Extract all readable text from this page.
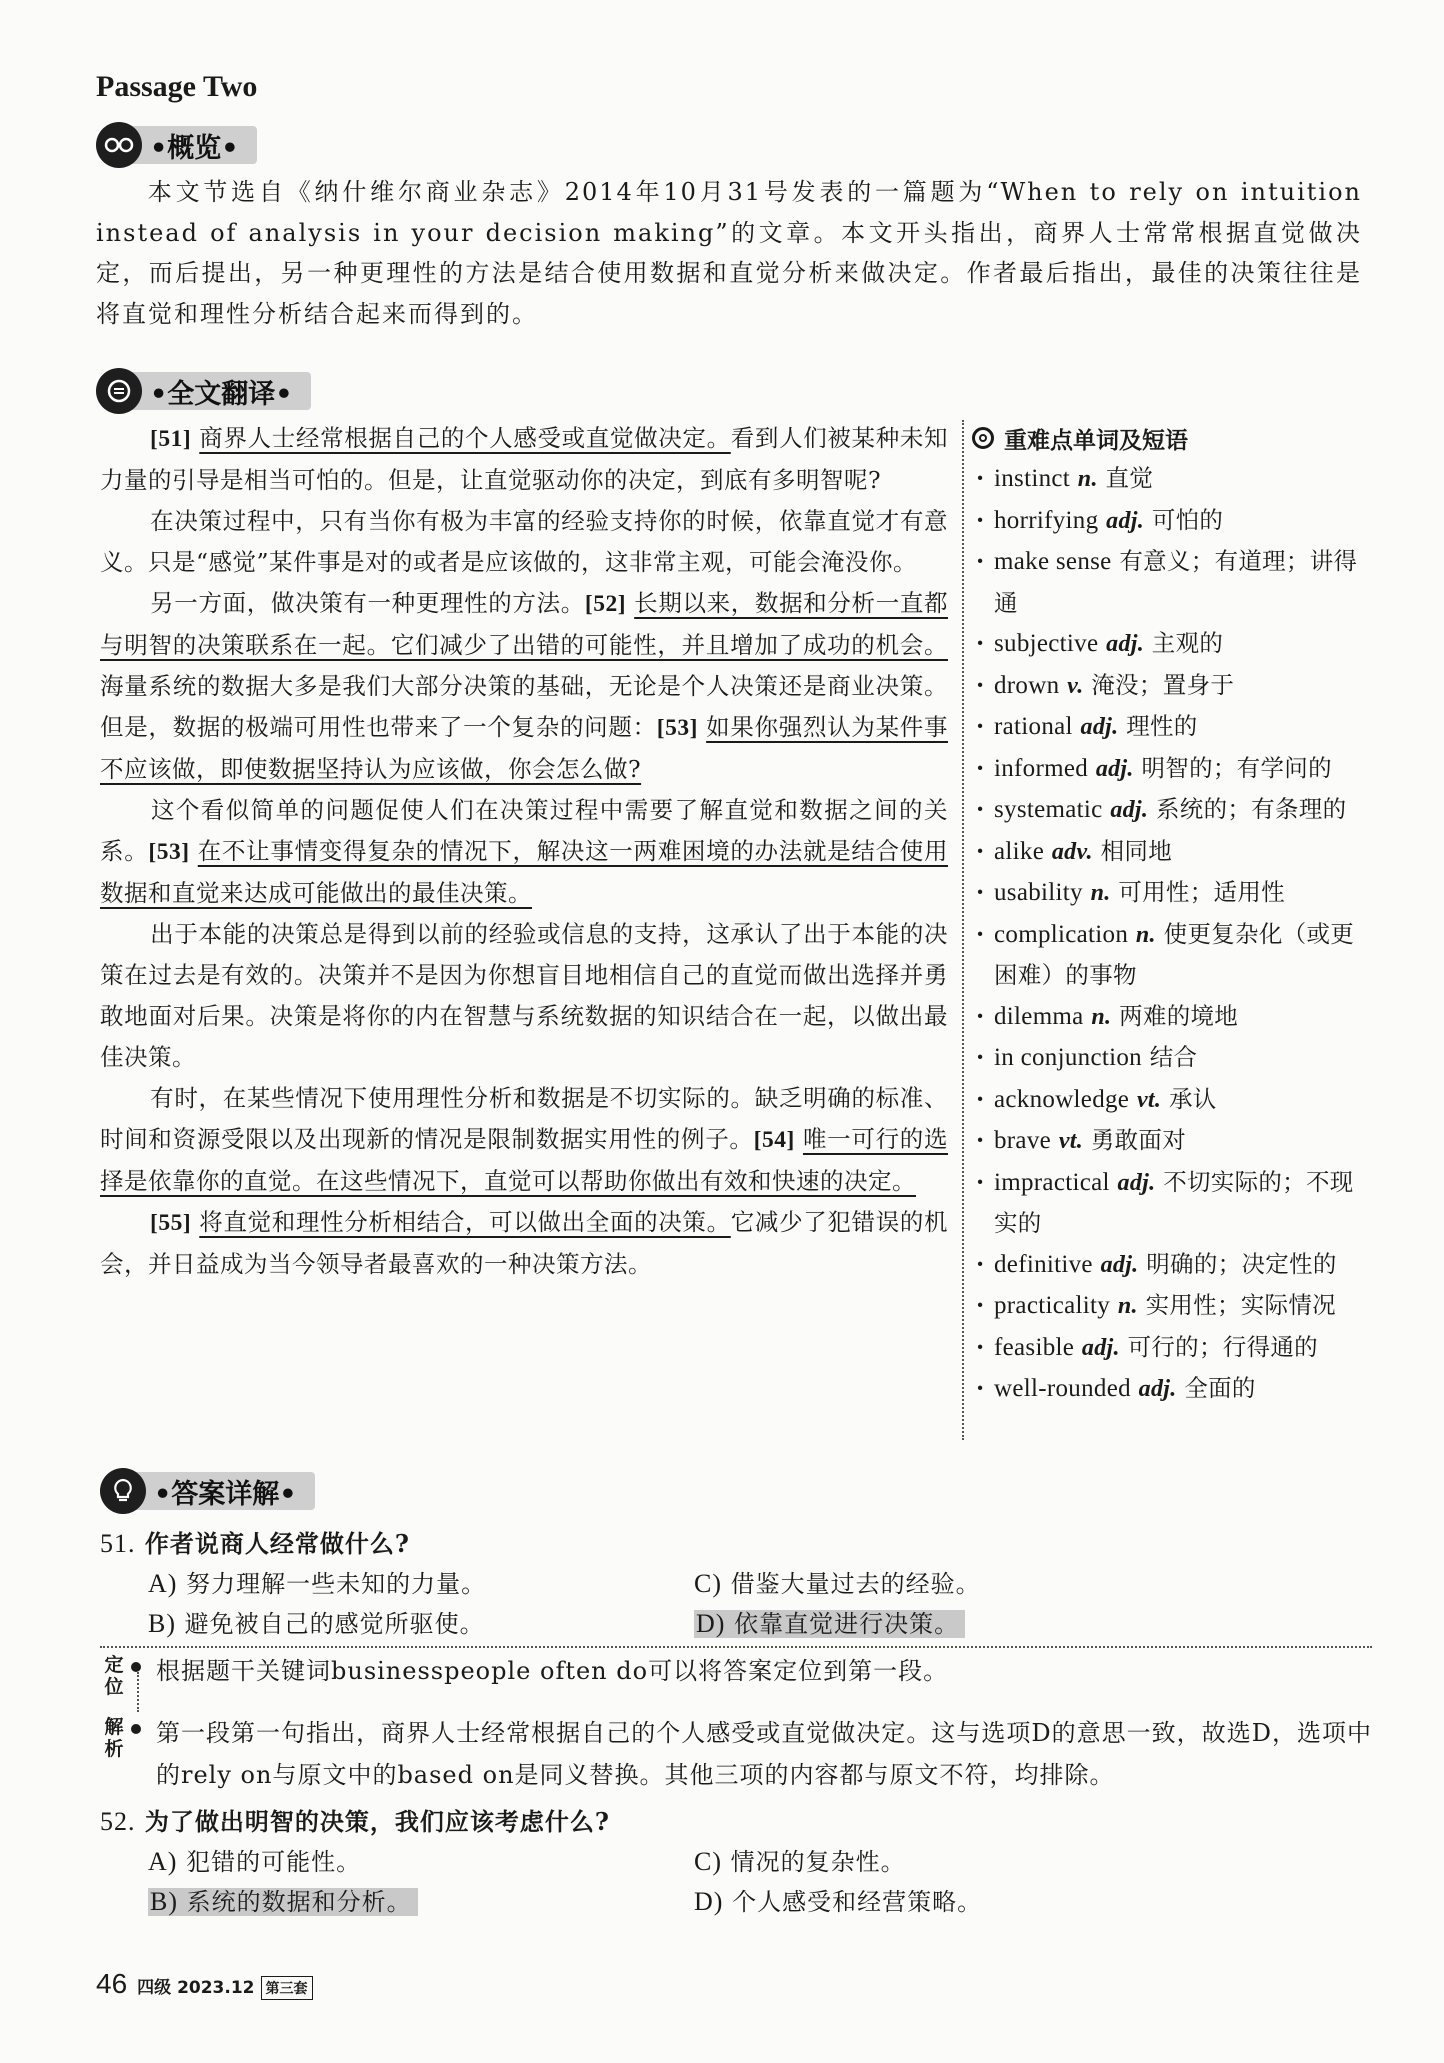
Passage Two
•概览•
本文节选自《纳什维尔商业杂志》2014年10月31号发表的一篇题为“When to rely on intuition instead of analysis in your decision making”的文章。本文开头指出，商界人士常常根据直觉做决定，而后提出，另一种更理性的方法是结合使用数据和直觉分析来做决定。作者最后指出，最佳的决策往往是将直觉和理性分析结合起来而得到的。
•全文翻译•

[51] 商界人士经常根据自己的个人感受或直觉做决定。看到人们被某种未知力量的引导是相当可怕的。但是，让直觉驱动你的决定，到底有多明智呢?

在决策过程中，只有当你有极为丰富的经验支持你的时候，依靠直觉才有意义。只是“感觉”某件事是对的或者是应该做的，这非常主观，可能会淹没你。

另一方面，做决策有一种更理性的方法。[52] 长期以来，数据和分析一直都与明智的决策联系在一起。它们减少了出错的可能性，并且增加了成功的机会。海量系统的数据大多是我们大部分决策的基础，无论是个人决策还是商业决策。但是，数据的极端可用性也带来了一个复杂的问题：[53] 如果你强烈认为某件事不应该做，即使数据坚持认为应该做，你会怎么做?

这个看似简单的问题促使人们在决策过程中需要了解直觉和数据之间的关系。[53] 在不让事情变得复杂的情况下，解决这一两难困境的办法就是结合使用数据和直觉来达成可能做出的最佳决策。

出于本能的决策总是得到以前的经验或信息的支持，这承认了出于本能的决策在过去是有效的。决策并不是因为你想盲目地相信自己的直觉而做出选择并勇敢地面对后果。决策是将你的内在智慧与系统数据的知识结合在一起，以做出最佳决策。

有时，在某些情况下使用理性分析和数据是不切实际的。缺乏明确的标准、时间和资源受限以及出现新的情况是限制数据实用性的例子。[54] 唯一可行的选择是依靠你的直觉。在这些情况下，直觉可以帮助你做出有效和快速的决定。

[55] 将直觉和理性分析相结合，可以做出全面的决策。它减少了犯错误的机会，并日益成为当今领导者最喜欢的一种决策方法。

重难点单词及短语
· instinct n. 直觉
· horrifying adj. 可怕的
· make sense 有意义；有道理；讲得通
· subjective adj. 主观的
· drown v. 淹没；置身于
· rational adj. 理性的
· informed adj. 明智的；有学问的
· systematic adj. 系统的；有条理的
· alike adv. 相同地
· usability n. 可用性；适用性
· complication n. 使更复杂化（或更困难）的事物
· dilemma n. 两难的境地
· in conjunction 结合
· acknowledge vt. 承认
· brave vt. 勇敢面对
· impractical adj. 不切实际的；不现实的
· definitive adj. 明确的；决定性的
· practicality n. 实用性；实际情况
· feasible adj. 可行的；行得通的
· well-rounded adj. 全面的
•答案详解•
51. 作者说商人经常做什么?
A) 努力理解一些未知的力量。
B) 避免被自己的感觉所驱使。
C) 借鉴大量过去的经验。
D) 依靠直觉进行决策。
定位
根据题干关键词businesspeople often do可以将答案定位到第一段。
解析
第一段第一句指出，商界人士经常根据自己的个人感受或直觉做决定。这与选项D的意思一致，故选D，选项中的rely on与原文中的based on是同义替换。其他三项的内容都与原文不符，均排除。
52. 为了做出明智的决策，我们应该考虑什么?
A) 犯错的可能性。
B) 系统的数据和分析。
C) 情况的复杂性。
D) 个人感受和经营策略。
46 四级 2023.12 第三套
